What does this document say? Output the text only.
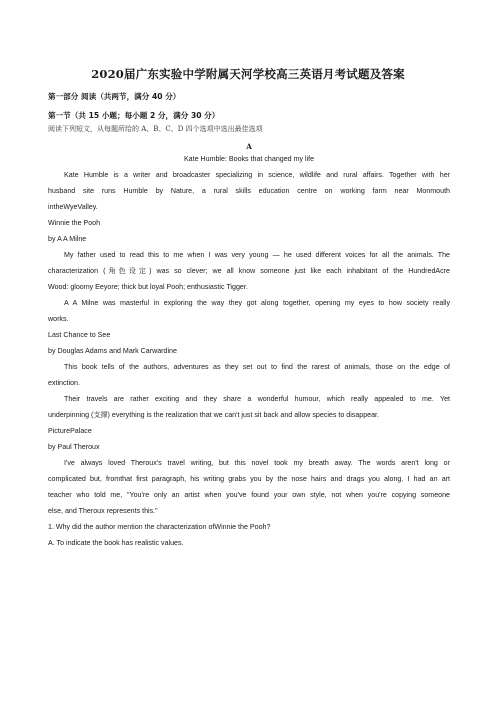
2020届广东实验中学附属天河学校高三英语月考试题及答案
第一部分 阅读（共两节，满分 40 分）
第一节（共 15 小题；每小题 2 分，满分 30 分）
阅读下列短文，从每题所给的 A、B、C、D 四个选项中选出最佳选项
A
Kate Humble: Books that changed my life
Kate Humble is a writer and broadcaster specializing in science, wildlife and rural affairs. Together with her
husband site runs Humble by Nature, a rural skills education centre on working farm near Monmouth
intheWyeValley.
Winnie the Pooh
by A A Milne
My father used to read this to me when I was very young — he used different voices for all the animals. The
characterization (角色设定) was so clever; we all know someone just like each inhabitant of the HundredAcre
Wood: gloomy Eeyore; thick but loyal Pooh; enthusiastic Tigger.
A A Milne was masterful in exploring the way they got along together, opening my eyes to how society really
works.
Last Chance to See
by Douglas Adams and Mark Carwardine
This book tells of the authors, adventures as they set out to find the rarest of animals, those on the edge of
extinction.
Their travels are rather exciting and they share a wonderful humour, which really appealed to me. Yet
underpinning (支撑) everything is the realization that we can't just sit back and allow species to disappear.
PicturePalace
by Paul Theroux
I've always loved Theroux's travel writing, but this novel took my breath away. The words aren't long or
complicated but, fromthat first paragraph, his writing grabs you by the nose hairs and drags you along. I had an art
teacher who told me, "You're only an artist when you've found your own style, not when you're copying someone
else, and Theroux represents this."
1. Why did the author mention the characterization ofWinnie the Pooh?
A. To indicate the book has realistic values.
